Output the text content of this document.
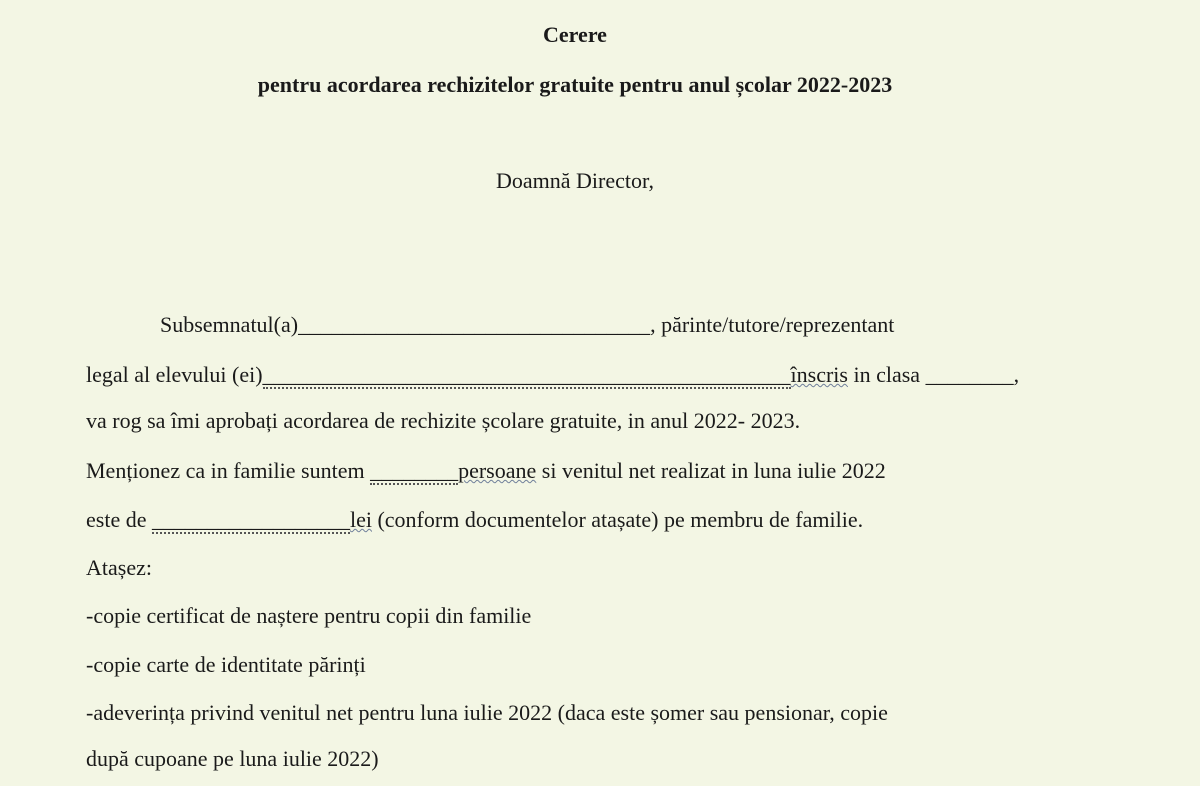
Cerere
pentru acordarea rechizitelor gratuite pentru anul școlar 2022-2023
Doamnă Director,
Subsemnatul(a)________________________________, părinte/tutore/reprezentant
legal al elevului (ei)________________________________________________înscris in clasa ________,
va rog sa îmi aprobați acordarea de rechizite școlare gratuite, in anul 2022- 2023.
Menționez ca in familie suntem ________persoane si venitul net realizat in luna iulie 2022
este de __________________lei (conform documentelor atașate) pe membru de familie.
Atașez:
-copie certificat de naștere pentru copii din familie
-copie carte de identitate părinți
-adeverința privind venitul net pentru luna iulie 2022 (daca este șomer sau pensionar, copie
după cupoane pe luna iulie 2022)
